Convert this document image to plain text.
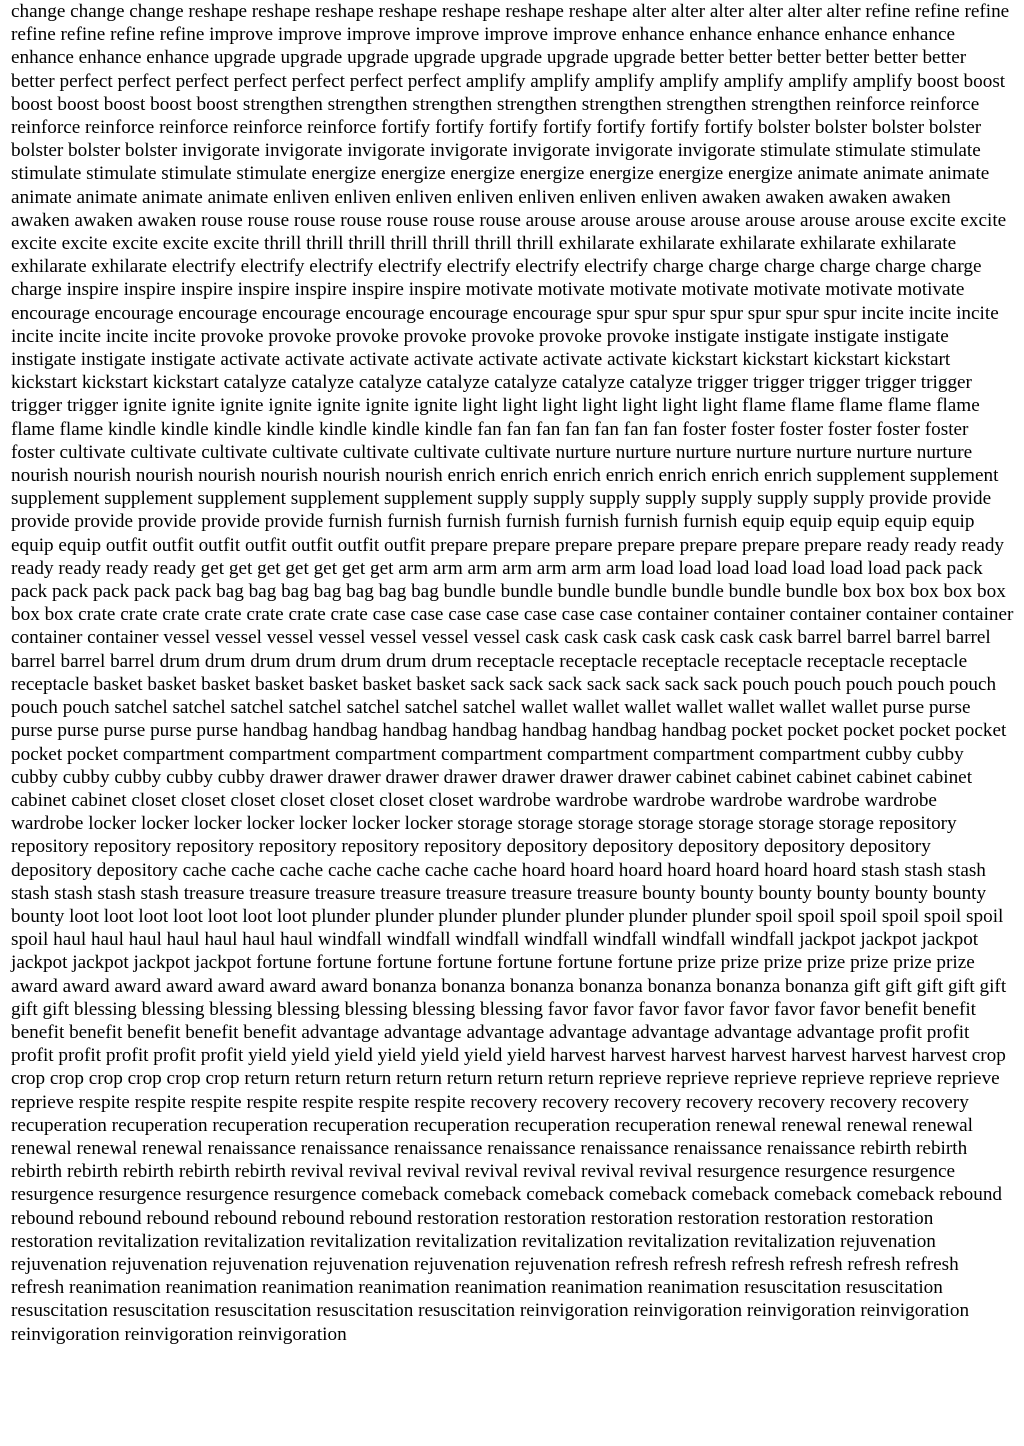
change change change reshape reshape reshape reshape reshape reshape reshape alter alter alter alter alter alter refine refine refine refine refine refine refine improve improve improve improve improve improve enhance enhance enhance enhance enhance enhance enhance enhance upgrade upgrade upgrade upgrade upgrade upgrade upgrade better better better better better better better perfect perfect perfect perfect perfect perfect perfect amplify amplify amplify amplify amplify amplify amplify boost boost boost boost boost boost boost strengthen strengthen strengthen strengthen strengthen strengthen strengthen reinforce reinforce reinforce reinforce reinforce reinforce reinforce fortify fortify fortify fortify fortify fortify fortify bolster bolster bolster bolster bolster bolster bolster invigorate invigorate invigorate invigorate invigorate invigorate invigorate stimulate stimulate stimulate stimulate stimulate stimulate stimulate energize energize energize energize energize energize energize animate animate animate animate animate animate animate enliven enliven enliven enliven enliven enliven enliven awaken awaken awaken awaken awaken awaken awaken rouse rouse rouse rouse rouse rouse rouse arouse arouse arouse arouse arouse arouse arouse excite excite excite excite excite excite excite thrill thrill thrill thrill thrill thrill thrill exhilarate exhilarate exhilarate exhilarate exhilarate exhilarate exhilarate electrify electrify electrify electrify electrify electrify electrify charge charge charge charge charge charge charge inspire inspire inspire inspire inspire inspire inspire motivate motivate motivate motivate motivate motivate motivate encourage encourage encourage encourage encourage encourage encourage spur spur spur spur spur spur spur incite incite incite incite incite incite incite provoke provoke provoke provoke provoke provoke provoke instigate instigate instigate instigate instigate instigate instigate activate activate activate activate activate activate activate kickstart kickstart kickstart kickstart kickstart kickstart kickstart catalyze catalyze catalyze catalyze catalyze catalyze catalyze trigger trigger trigger trigger trigger trigger trigger ignite ignite ignite ignite ignite ignite ignite light light light light light light light flame flame flame flame flame flame flame kindle kindle kindle kindle kindle kindle kindle fan fan fan fan fan fan fan foster foster foster foster foster foster foster cultivate cultivate cultivate cultivate cultivate cultivate cultivate nurture nurture nurture nurture nurture nurture nurture nourish nourish nourish nourish nourish nourish nourish enrich enrich enrich enrich enrich enrich enrich supplement supplement supplement supplement supplement supplement supplement supply supply supply supply supply supply supply provide provide provide provide provide provide provide furnish furnish furnish furnish furnish furnish furnish equip equip equip equip equip equip equip outfit outfit outfit outfit outfit outfit outfit prepare prepare prepare prepare prepare prepare prepare ready ready ready ready ready ready ready get get get get get get get arm arm arm arm arm arm arm load load load load load load load pack pack pack pack pack pack pack bag bag bag bag bag bag bag bundle bundle bundle bundle bundle bundle bundle box box box box box box box crate crate crate crate crate crate crate case case case case case case case container container container container container container container vessel vessel vessel vessel vessel vessel vessel cask cask cask cask cask cask cask barrel barrel barrel barrel barrel barrel barrel drum drum drum drum drum drum drum receptacle receptacle receptacle receptacle receptacle receptacle receptacle basket basket basket basket basket basket basket sack sack sack sack sack sack sack pouch pouch pouch pouch pouch pouch pouch satchel satchel satchel satchel satchel satchel satchel wallet wallet wallet wallet wallet wallet wallet purse purse purse purse purse purse purse handbag handbag handbag handbag handbag handbag handbag pocket pocket pocket pocket pocket pocket pocket compartment compartment compartment compartment compartment compartment compartment cubby cubby cubby cubby cubby cubby cubby drawer drawer drawer drawer drawer drawer drawer cabinet cabinet cabinet cabinet cabinet cabinet cabinet closet closet closet closet closet closet closet wardrobe wardrobe wardrobe wardrobe wardrobe wardrobe wardrobe locker locker locker locker locker locker locker storage storage storage storage storage storage storage repository repository repository repository repository repository repository depository depository depository depository depository depository depository cache cache cache cache cache cache cache hoard hoard hoard hoard hoard hoard hoard stash stash stash stash stash stash stash treasure treasure treasure treasure treasure treasure treasure bounty bounty bounty bounty bounty bounty bounty loot loot loot loot loot loot loot plunder plunder plunder plunder plunder plunder plunder spoil spoil spoil spoil spoil spoil spoil haul haul haul haul haul haul haul windfall windfall windfall windfall windfall windfall windfall jackpot jackpot jackpot jackpot jackpot jackpot jackpot fortune fortune fortune fortune fortune fortune fortune prize prize prize prize prize prize prize award award award award award award award bonanza bonanza bonanza bonanza bonanza bonanza bonanza gift gift gift gift gift gift gift blessing blessing blessing blessing blessing blessing blessing favor favor favor favor favor favor favor benefit benefit benefit benefit benefit benefit benefit advantage advantage advantage advantage advantage advantage advantage profit profit profit profit profit profit profit yield yield yield yield yield yield yield harvest harvest harvest harvest harvest harvest harvest crop crop crop crop crop crop crop return return return return return return return reprieve reprieve reprieve reprieve reprieve reprieve reprieve respite respite respite respite respite respite respite recovery recovery recovery recovery recovery recovery recovery recuperation recuperation recuperation recuperation recuperation recuperation recuperation renewal renewal renewal renewal renewal renewal renewal renaissance renaissance renaissance renaissance renaissance renaissance renaissance rebirth rebirth rebirth rebirth rebirth rebirth rebirth revival revival revival revival revival revival revival resurgence resurgence resurgence resurgence resurgence resurgence resurgence comeback comeback comeback comeback comeback comeback comeback rebound rebound rebound rebound rebound rebound rebound restoration restoration restoration restoration restoration restoration restoration revitalization revitalization revitalization revitalization revitalization revitalization revitalization rejuvenation rejuvenation rejuvenation rejuvenation rejuvenation rejuvenation rejuvenation refresh refresh refresh refresh refresh refresh refresh reanimation reanimation reanimation reanimation reanimation reanimation reanimation resuscitation resuscitation resuscitation resuscitation resuscitation resuscitation resuscitation reinvigoration reinvigoration reinvigoration reinvigoration reinvigoration reinvigoration reinvigoration
